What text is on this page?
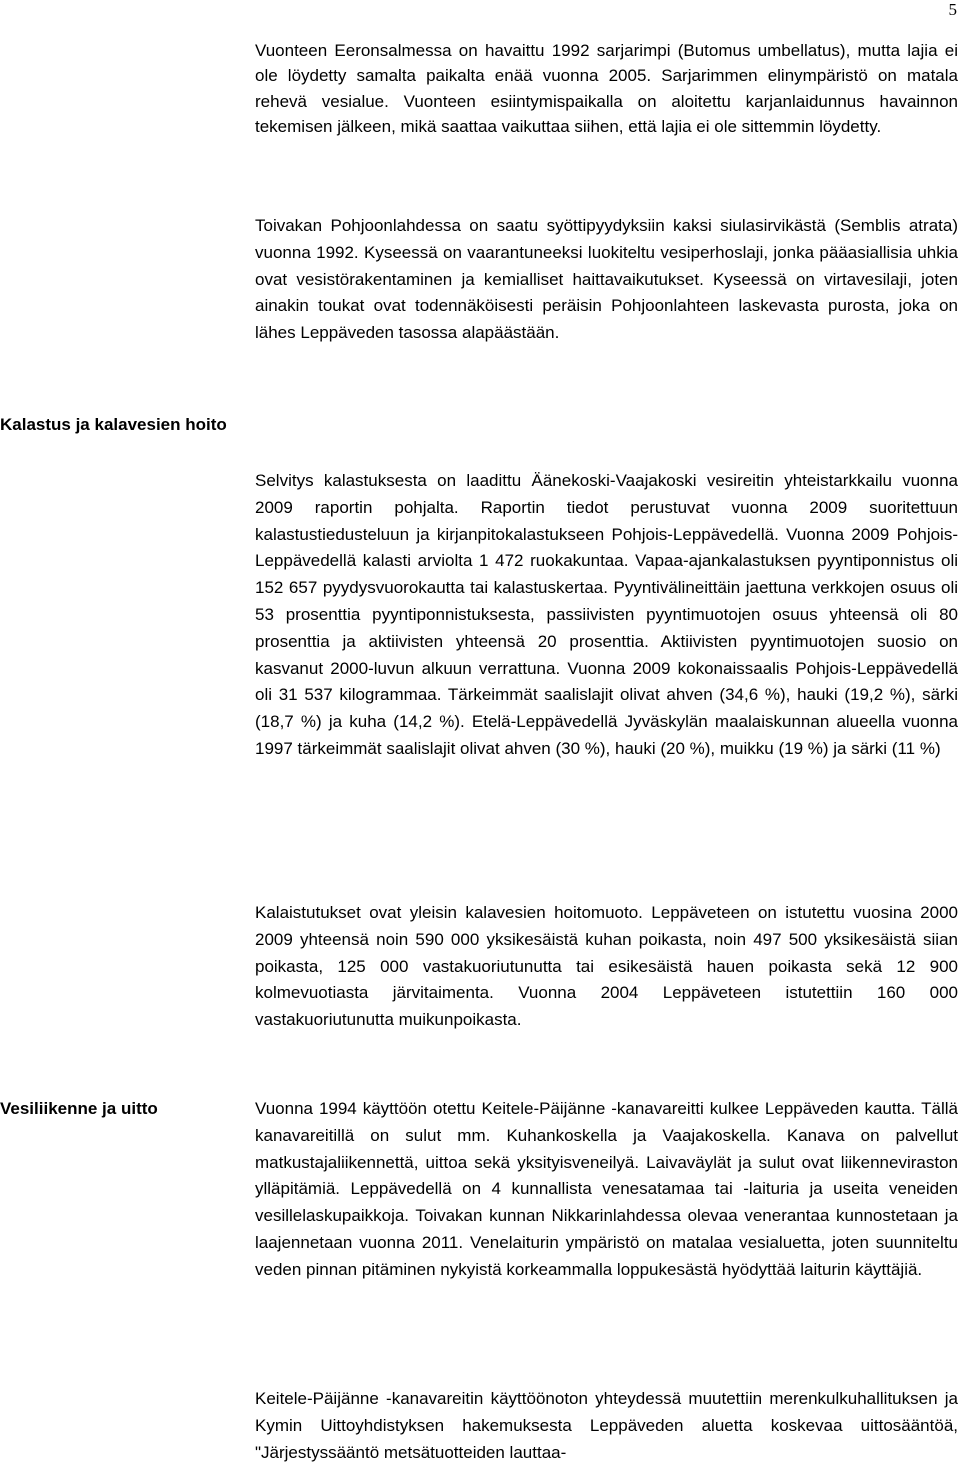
5

Vuonteen Eeronsalmessa on havaittu 1992 sarjarimpi (Butomus umbellatus), mutta lajia ei ole löydetty samalta paikalta enää vuonna 2005. Sarjarimmen elinympäristö on matala rehevä vesialue. Vuonteen esiintymispaikalla on aloitettu karjanlaidunnus havainnon tekemisen jälkeen, mikä saattaa vaikuttaa siihen, että lajia ei ole sittemmin löydetty.

Toivakan Pohjoonlahdessa on saatu syöttipyydyksiin kaksi siulasirvikästä (Semblis atrata) vuonna 1992. Kyseessä on vaarantuneeksi luokiteltu vesiperhoslaji, jonka pääasiallisia uhkia ovat vesistörakentaminen ja kemialliset haittavaikutukset. Kyseessä on virtavesilaji, joten ainakin toukat ovat todennäköisesti peräisin Pohjoonlahteen laskevasta purosta, joka on lähes Leppäveden tasossa alapäästään.

Kalastus ja kalavesien hoito

Selvitys kalastuksesta on laadittu Äänekoski-Vaajakoski vesireitin yhteistarkkailu vuonna 2009 raportin pohjalta. Raportin tiedot perustuvat vuonna 2009 suoritettuun kalastustiedusteluun ja kirjanpitokalastukseen Pohjois-Leppävedellä. Vuonna 2009 Pohjois-Leppävedellä kalasti arviolta 1 472 ruokakuntaa. Vapaa-ajankalastuksen pyyntiponnistus oli 152 657 pyydysvuorokautta tai kalastuskertaa. Pyyntivälineittäin jaettuna verkkojen osuus oli 53 prosenttia pyyntiponnistuksesta, passiivisten pyyntimuotojen osuus yhteensä oli 80 prosenttia ja aktiivisten yhteensä 20 prosenttia. Aktiivisten pyyntimuotojen suosio on kasvanut 2000-luvun alkuun verrattuna. Vuonna 2009 kokonaissaalis Pohjois-Leppävedellä oli 31 537 kilogrammaa. Tärkeimmät saalislajit olivat ahven (34,6 %), hauki (19,2 %), särki (18,7 %) ja kuha (14,2 %). Etelä-Leppävedellä Jyväskylän maalaiskunnan alueella vuonna 1997 tärkeimmät saalislajit olivat ahven (30 %), hauki (20 %), muikku (19 %) ja särki (11 %)

Kalaistutukset ovat yleisin kalavesien hoitomuoto. Leppäveteen on istutettu vuosina 2000 2009 yhteensä noin 590 000 yksikesäistä kuhan poikasta, noin 497 500 yksikesäistä siian poikasta, 125 000 vastakuoriutunutta tai esikesäistä hauen poikasta sekä 12 900 kolmevuotiasta järvitaimenta. Vuonna 2004 Leppäveteen istutettiin 160 000 vastakuoriutunutta muikunpoikasta.

Vesiliikenne ja uitto	Vuonna 1994 käyttöön otettu Keitele-Päijänne -kanavareitti kulkee Leppäveden kautta. Tällä kanavareitillä on sulut mm. Kuhankoskella ja Vaajakoskella. Kanava on palvellut matkustajaliikennettä, uittoa sekä yksityisveneilyä. Laivaväylät ja sulut ovat liikenneviraston ylläpitämiä. Leppävedellä on 4 kunnallista venesatamaa tai -laituria ja useita veneiden vesillelaskupaikkoja. Toivakan kunnan Nikkarinlahdessa olevaa venerantaa kunnostetaan ja laajennetaan vuonna 2011. Venelaiturin ympäristö on matalaa vesialuetta, joten suunniteltu veden pinnan pitäminen nykyistä korkeammalla loppukesästä hyödyttää laiturin käyttäjiä.

Keitele-Päijänne -kanavareitin käyttöönoton yhteydessä muutettiin merenkulkuhallituksen ja Kymin Uittoyhdistyksen hakemuksesta Leppäveden aluetta koskevaa uittosääntöä, "Järjestyssääntö metsätuotteiden lauttaa-
